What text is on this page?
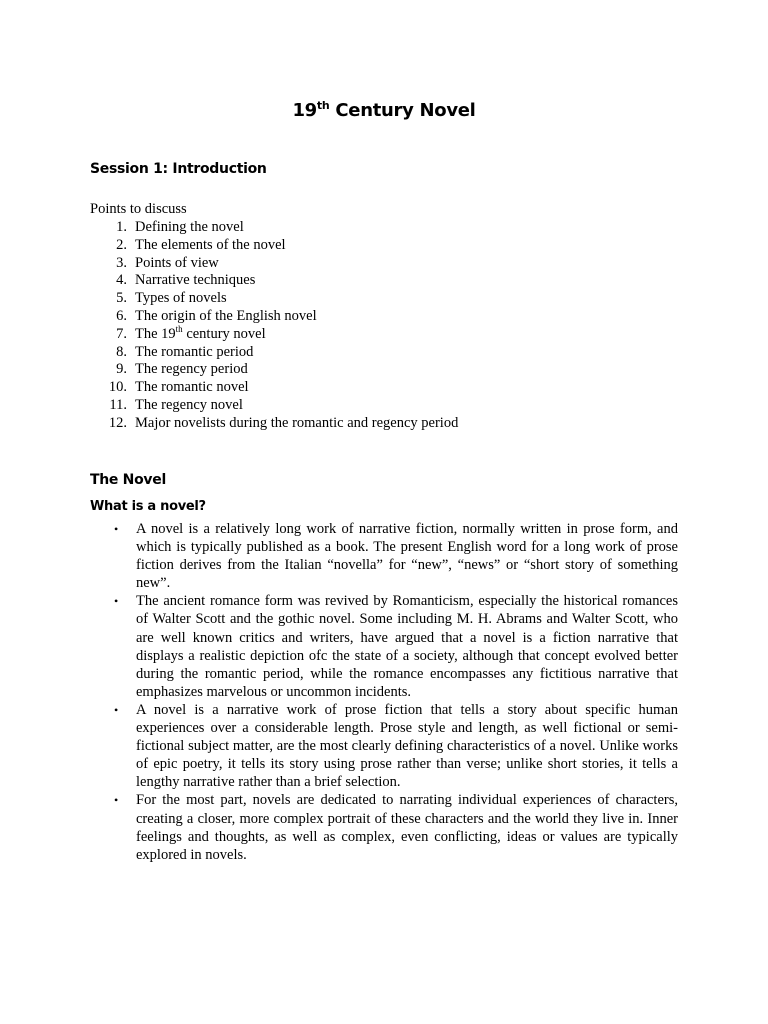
19th Century Novel
Session 1: Introduction
Points to discuss
1. Defining the novel
2. The elements of the novel
3. Points of view
4. Narrative techniques
5. Types of novels
6. The origin of the English novel
7. The 19th century novel
8. The romantic period
9. The regency period
10. The romantic novel
11. The regency novel
12. Major novelists during the romantic and regency period
The Novel
What is a novel?
• A novel is a relatively long work of narrative fiction, normally written in prose form, and which is typically published as a book. The present English word for a long work of prose fiction derives from the Italian “novella” for “new”, “news” or “short story of something new”.
• The ancient romance form was revived by Romanticism, especially the historical romances of Walter Scott and the gothic novel. Some including M. H. Abrams and Walter Scott, who are well known critics and writers, have argued that a novel is a fiction narrative that displays a realistic depiction ofc the state of a society, although that concept evolved better during the romantic period, while the romance encompasses any fictitious narrative that emphasizes marvelous or uncommon incidents.
• A novel is a narrative work of prose fiction that tells a story about specific human experiences over a considerable length. Prose style and length, as well fictional or semi-fictional subject matter, are the most clearly defining characteristics of a novel. Unlike works of epic poetry, it tells its story using prose rather than verse; unlike short stories, it tells a lengthy narrative rather than a brief selection.
• For the most part, novels are dedicated to narrating individual experiences of characters, creating a closer, more complex portrait of these characters and the world they live in. Inner feelings and thoughts, as well as complex, even conflicting, ideas or values are typically explored in novels.
